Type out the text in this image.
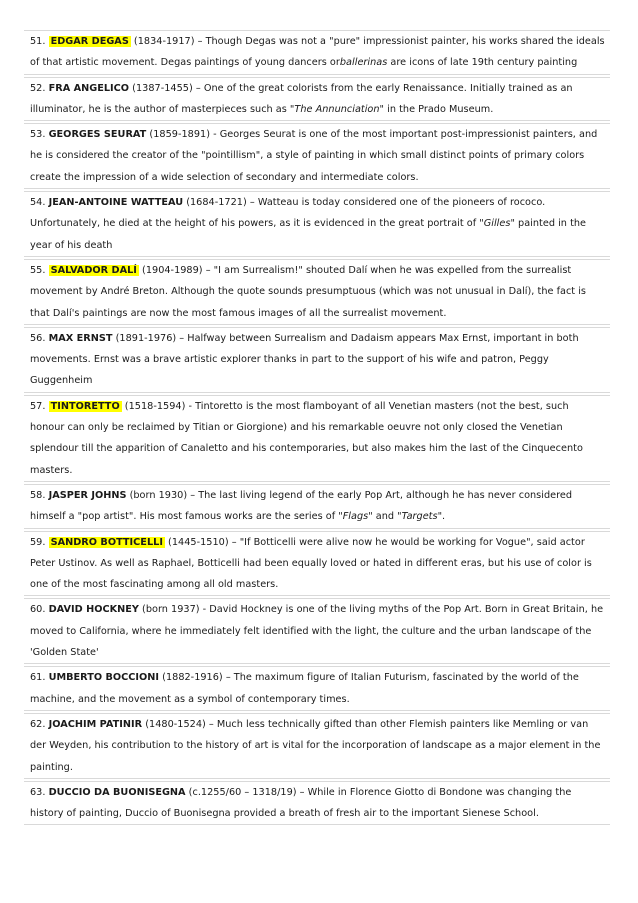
51. EDGAR DEGAS (1834-1917) – Though Degas was not a "pure" impressionist painter, his works shared the ideals of that artistic movement. Degas paintings of young dancers orballerinas are icons of late 19th century painting

52. FRA ANGELICO (1387-1455) – One of the great colorists from the early Renaissance. Initially trained as an illuminator, he is the author of masterpieces such as "The Annunciation" in the Prado Museum.

53. GEORGES SEURAT (1859-1891) - Georges Seurat is one of the most important post-impressionist painters, and he is considered the creator of the "pointillism", a style of painting in which small distinct points of primary colors create the impression of a wide selection of secondary and intermediate colors.

54. JEAN-ANTOINE WATTEAU (1684-1721) – Watteau is today considered one of the pioneers of rococo. Unfortunately, he died at the height of his powers, as it is evidenced in the great portrait of "Gilles" painted in the year of his death

55. SALVADOR DALÍ (1904-1989) – "I am Surrealism!" shouted Dalí when he was expelled from the surrealist movement by André Breton. Although the quote sounds presumptuous (which was not unusual in Dalí), the fact is that Dalí's paintings are now the most famous images of all the surrealist movement.

56. MAX ERNST (1891-1976) – Halfway between Surrealism and Dadaism appears Max Ernst, important in both movements. Ernst was a brave artistic explorer thanks in part to the support of his wife and patron, Peggy Guggenheim

57. TINTORETTO (1518-1594) - Tintoretto is the most flamboyant of all Venetian masters (not the best, such honour can only be reclaimed by Titian or Giorgione) and his remarkable oeuvre not only closed the Venetian splendour till the apparition of Canaletto and his contemporaries, but also makes him the last of the Cinquecento masters.

58. JASPER JOHNS (born 1930) – The last living legend of the early Pop Art, although he has never considered himself a "pop artist". His most famous works are the series of "Flags" and "Targets".

59. SANDRO BOTTICELLI (1445-1510) – "If Botticelli were alive now he would be working for Vogue", said actor Peter Ustinov. As well as Raphael, Botticelli had been equally loved or hated in different eras, but his use of color is one of the most fascinating among all old masters.

60. DAVID HOCKNEY (born 1937) - David Hockney is one of the living myths of the Pop Art. Born in Great Britain, he moved to California, where he immediately felt identified with the light, the culture and the urban landscape of the 'Golden State'

61. UMBERTO BOCCIONI (1882-1916) – The maximum figure of Italian Futurism, fascinated by the world of the machine, and the movement as a symbol of contemporary times.

62. JOACHIM PATINIR (1480-1524) – Much less technically gifted than other Flemish painters like Memling or van der Weyden, his contribution to the history of art is vital for the incorporation of landscape as a major element in the painting.

63. DUCCIO DA BUONISEGNA (c.1255/60 – 1318/19) – While in Florence Giotto di Bondone was changing the history of painting, Duccio of Buonisegna provided a breath of fresh air to the important Sienese School.
